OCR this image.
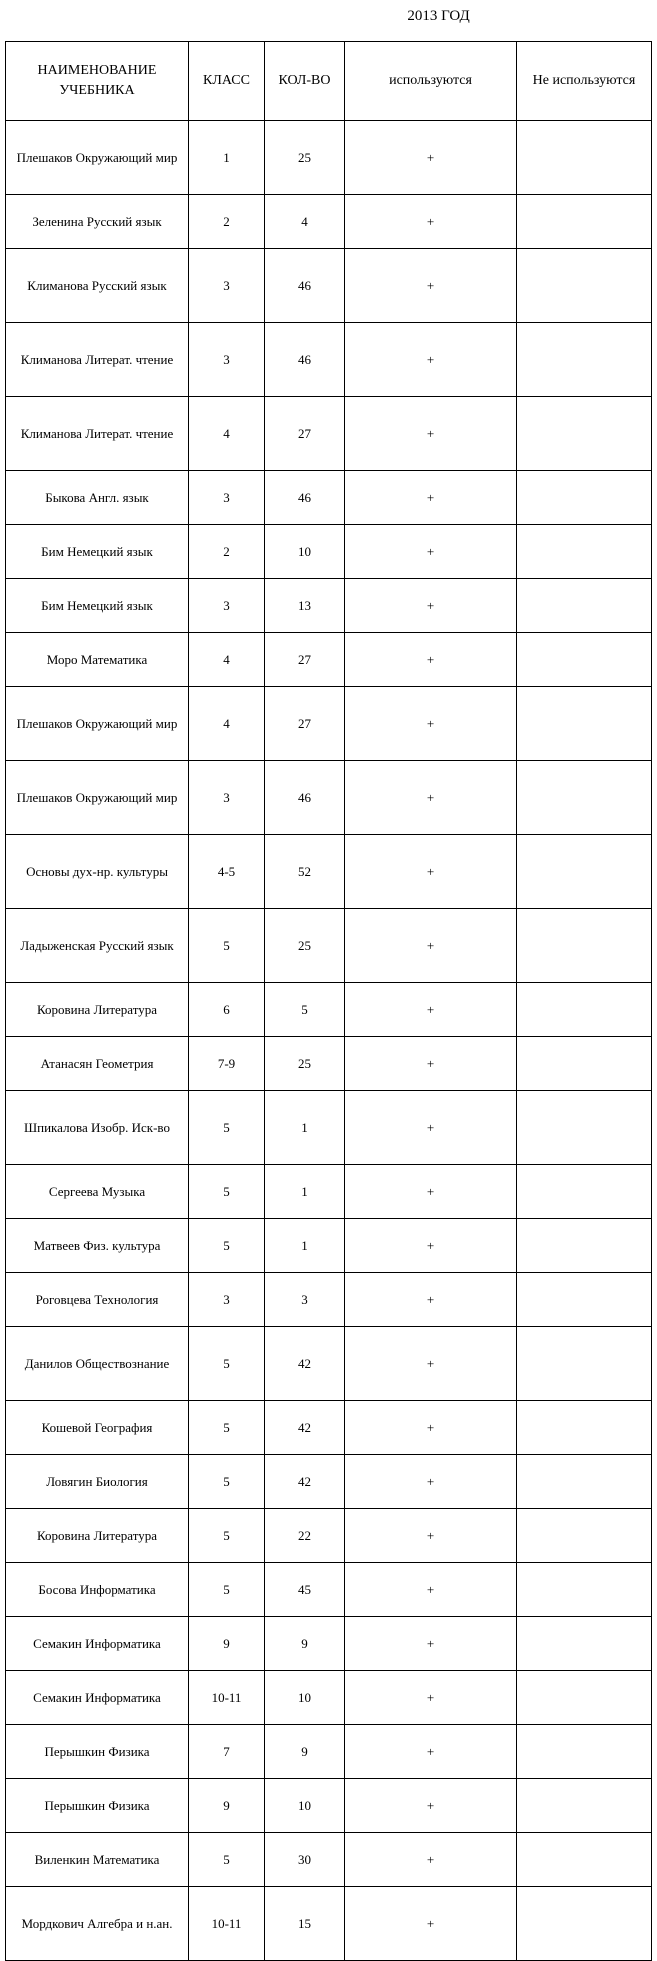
2013 ГОД
НАИМЕНОВАНИЕ УЧЕБНИКА	КЛАСС	КОЛ-ВО	используются	Не используются
Плешаков Окружающий мир	1	25	+	
Зеленина Русский язык	2	4	+	
Климанова Русский язык	3	46	+	
Климанова Литерат. чтение	3	46	+	
Климанова Литерат. чтение	4	27	+	
Быкова Англ. язык	3	46	+	
Бим Немецкий язык	2	10	+	
Бим Немецкий язык	3	13	+	
Моро Математика	4	27	+	
Плешаков Окружающий мир	4	27	+	
Плешаков Окружающий мир	3	46	+	
Основы дух-нр. культуры	4-5	52	+	
Ладыженская Русский язык	5	25	+	
Коровина Литература	6	5	+	
Атанасян Геометрия	7-9	25	+	
Шпикалова Изобр. Иск-во	5	1	+	
Сергеева Музыка	5	1	+	
Матвеев Физ. культура	5	1	+	
Роговцева Технология	3	3	+	
Данилов Обществознание	5	42	+	
Кошевой География	5	42	+	
Ловягин Биология	5	42	+	
Коровина Литература	5	22	+	
Босова Информатика	5	45	+	
Семакин Информатика	9	9	+	
Семакин Информатика	10-11	10	+	
Перышкин Физика	7	9	+	
Перышкин Физика	9	10	+	
Виленкин Математика	5	30	+	
Мордкович Алгебра и н.ан.	10-11	15	+	
